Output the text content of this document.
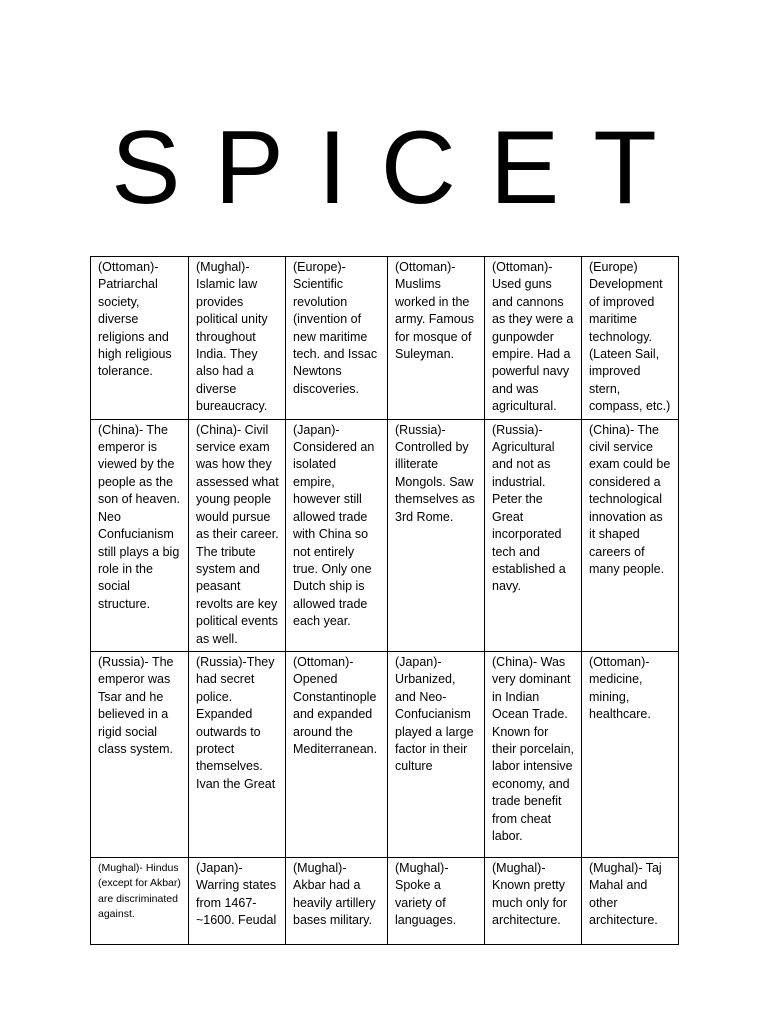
SPICET
(Ottoman)- Patriarchal society, diverse religions and high religious tolerance.	(Mughal)- Islamic law provides political unity throughout India. They also had a diverse bureaucracy.	(Europe)- Scientific revolution (invention of new maritime tech. and Issac Newtons discoveries.	(Ottoman)- Muslims worked in the army. Famous for mosque of Suleyman.	(Ottoman)- Used guns and cannons as they were a gunpowder empire. Had a powerful navy and was agricultural.	(Europe) Development of improved maritime technology. (Lateen Sail, improved stern, compass, etc.)

(China)- The emperor is viewed by the people as the son of heaven. Neo Confucianism still plays a big role in the social structure.	(China)- Civil service exam was how they assessed what young people would pursue as their career. The tribute system and peasant revolts are key political events as well.	(Japan)- Considered an isolated empire, however still allowed trade with China so not entirely true. Only one Dutch ship is allowed trade each year.	(Russia)- Controlled by illiterate Mongols. Saw themselves as 3rd Rome.	(Russia)- Agricultural and not as industrial. Peter the Great incorporated tech and established a navy.	(China)- The civil service exam could be considered a technological innovation as it shaped careers of many people.

(Russia)- The emperor was Tsar and he believed in a rigid social class system.	(Russia)-They had secret police. Expanded outwards to protect themselves. Ivan the Great	(Ottoman)- Opened Constantinople and expanded around the Mediterranean.	(Japan)- Urbanized, and Neo-Confucianism played a large factor in their culture	(China)- Was very dominant in Indian Ocean Trade. Known for their porcelain, labor intensive economy, and trade benefit from cheat labor.	(Ottoman)- medicine, mining, healthcare.

(Mughal)- Hindus (except for Akbar) are discriminated against.	(Japan)- Warring states from 1467-~1600. Feudal	(Mughal)- Akbar had a heavily artillery bases military.	(Mughal)- Spoke a variety of languages.	(Mughal)- Known pretty much only for architecture.	(Mughal)- Taj Mahal and other architecture.
